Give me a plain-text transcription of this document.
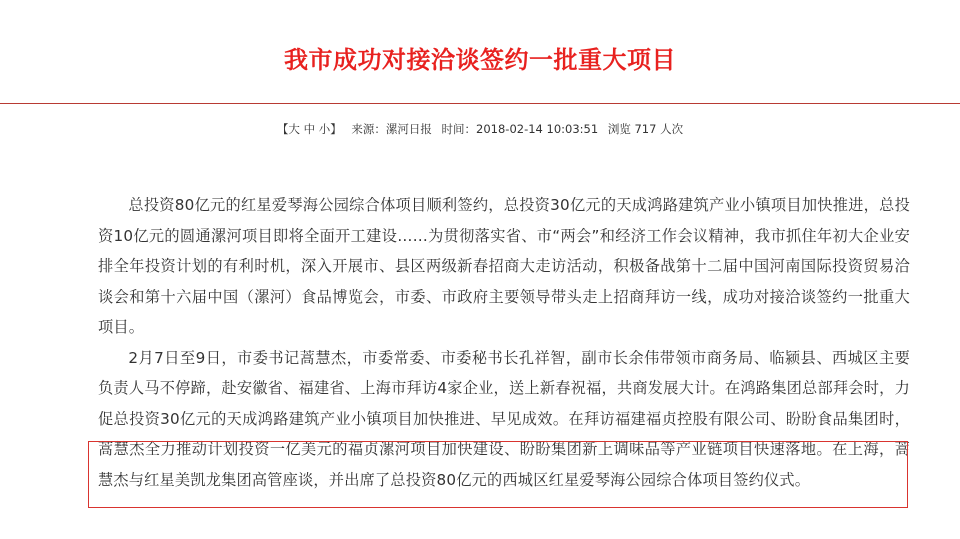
我市成功对接洽谈签约一批重大项目
【大 中 小】 来源：漯河日报 时间：2018-02-14 10:03:51 浏览 717 人次

总投资80亿元的红星爱琴海公园综合体项目顺利签约，总投资30亿元的天成鸿路建筑产业小镇项目加快推进，总投资10亿元的圆通漯河项目即将全面开工建设……为贯彻落实省、市“两会”和经济工作会议精神，我市抓住年初大企业安排全年投资计划的有利时机，深入开展市、县区两级新春招商大走访活动，积极备战第十二届中国河南国际投资贸易洽谈会和第十六届中国（漯河）食品博览会，市委、市政府主要领导带头走上招商拜访一线，成功对接洽谈签约一批重大项目。

2月7日至9日，市委书记蒿慧杰，市委常委、市委秘书长孔祥智，副市长余伟带领市商务局、临颍县、西城区主要负责人马不停蹄，赴安徽省、福建省、上海市拜访4家企业，送上新春祝福，共商发展大计。在鸿路集团总部拜会时，力促总投资30亿元的天成鸿路建筑产业小镇项目加快推进、早见成效。在拜访福建福贞控股有限公司、盼盼食品集团时，蒿慧杰全力推动计划投资一亿美元的福贞漯河项目加快建设、盼盼集团新上调味品等产业链项目快速落地。在上海，蒿慧杰与红星美凯龙集团高管座谈，并出席了总投资80亿元的西城区红星爱琴海公园综合体项目签约仪式。
